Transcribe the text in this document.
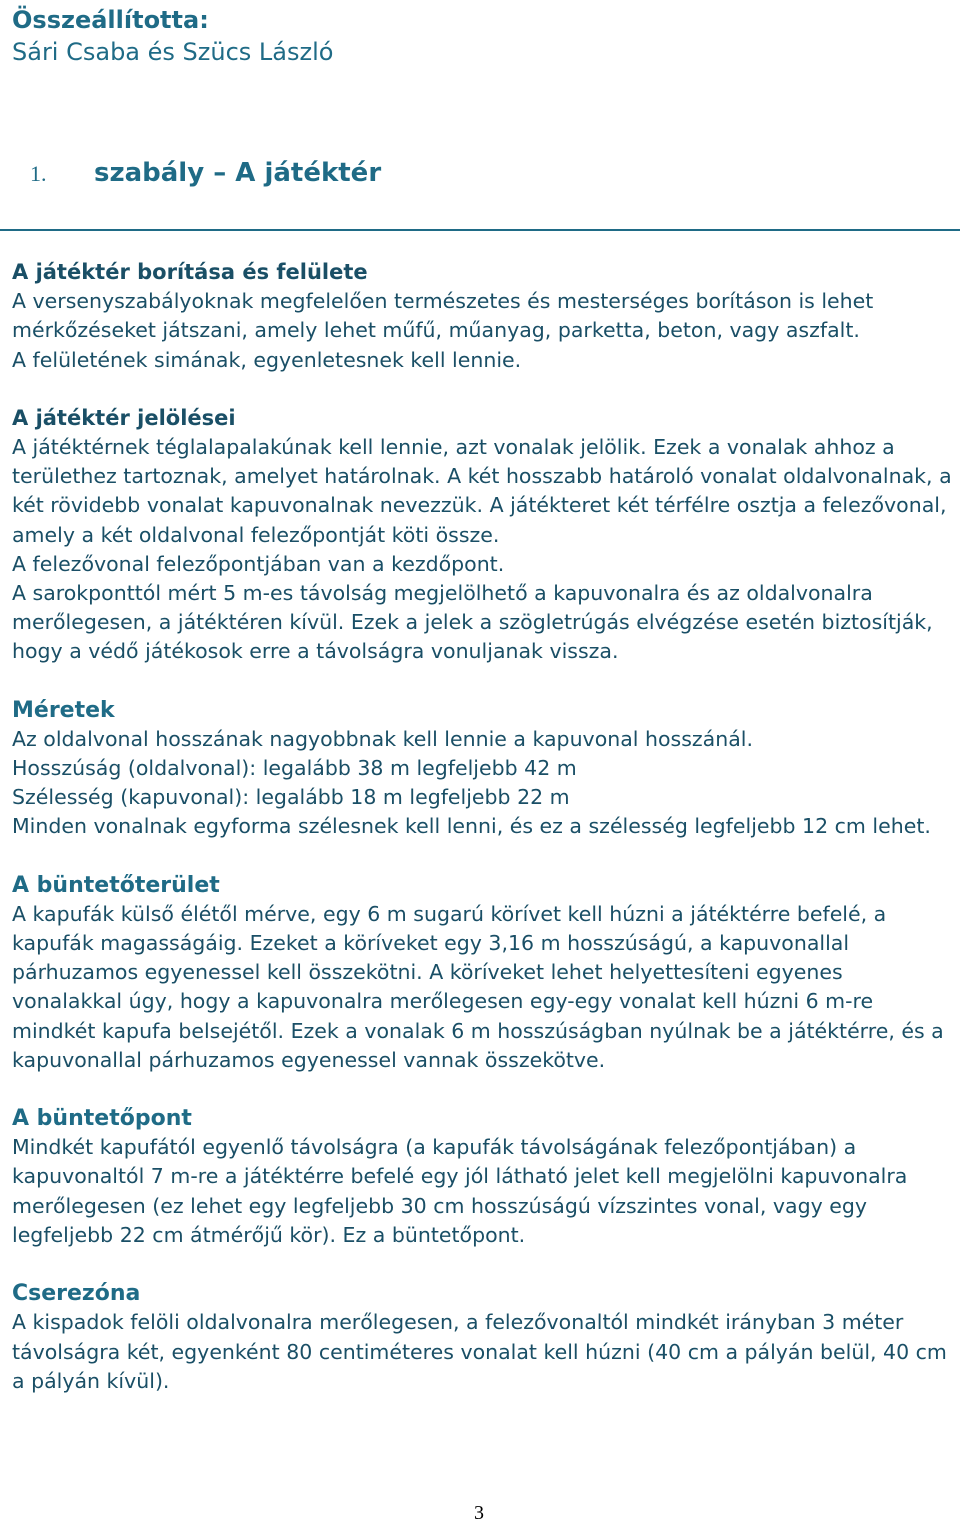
Összeállította:
Sári Csaba és Szücs László
1. szabály – A játéktér
A játéktér borítása és felülete

A versenyszabályoknak megfelelően természetes és mesterséges borításon is lehet mérkőzéseket játszani, amely lehet műfű, műanyag, parketta, beton, vagy aszfalt.

A felületének simának, egyenletesnek kell lennie.

A játéktér jelölései

A játéktérnek téglalapalakúnak kell lennie, azt vonalak jelölik. Ezek a vonalak ahhoz a területhez tartoznak, amelyet határolnak. A két hosszabb határoló vonalat oldalvonalnak, a két rövidebb vonalat kapuvonalnak nevezzük. A játékteret két térfélre osztja a felezővonal, amely a két oldalvonal felezőpontját köti össze.

A felezővonal felezőpontjában van a kezdőpont.

A sarokponttól mért 5 m-es távolság megjelölhető a kapuvonalra és az oldalvonalra merőlegesen, a játéktéren kívül. Ezek a jelek a szögletrúgás elvégzése esetén biztosítják, hogy a védő játékosok erre a távolságra vonuljanak vissza.

Méretek

Az oldalvonal hosszának nagyobbnak kell lennie a kapuvonal hosszánál.

Hosszúság (oldalvonal): legalább 38 m legfeljebb 42 m

Szélesség (kapuvonal): legalább 18 m legfeljebb 22 m

Minden vonalnak egyforma szélesnek kell lenni, és ez a szélesség legfeljebb 12 cm lehet.

A büntetőterület

A kapufák külső élétől mérve, egy 6 m sugarú körívet kell húzni a játéktérre befelé, a kapufák magasságáig. Ezeket a köríveket egy 3,16 m hosszúságú, a kapuvonallal párhuzamos egyenessel kell összekötni. A köríveket lehet helyettesíteni egyenes vonalakkal úgy, hogy a kapuvonalra merőlegesen egy-egy vonalat kell húzni 6 m-re mindkét kapufa belsejétől. Ezek a vonalak 6 m hosszúságban nyúlnak be a játéktérre, és a kapuvonallal párhuzamos egyenessel vannak összekötve.

A büntetőpont

Mindkét kapufától egyenlő távolságra (a kapufák távolságának felezőpontjában) a kapuvonaltól 7 m-re a játéktérre befelé egy jól látható jelet kell megjelölni kapuvonalra merőlegesen (ez lehet egy legfeljebb 30 cm hosszúságú vízszintes vonal, vagy egy legfeljebb 22 cm átmérőjű kör). Ez a büntetőpont.

Cserezóna

A kispadok felöli oldalvonalra merőlegesen, a felezővonaltól mindkét irányban 3 méter távolságra két, egyenként 80 centiméteres vonalat kell húzni (40 cm a pályán belül, 40 cm a pályán kívül).

3
